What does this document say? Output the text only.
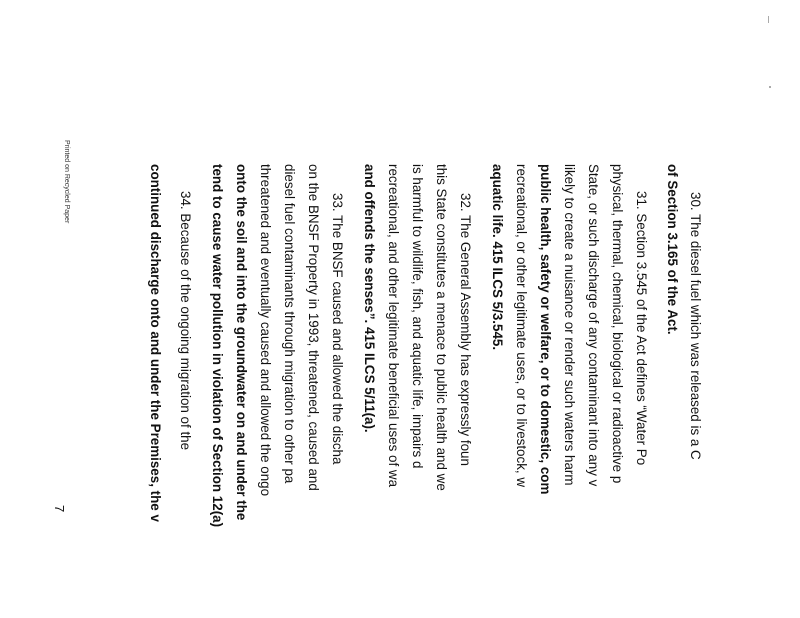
Printed on Recycled Paper
7
30. The diesel fuel which was released is a C
of Section 3.165 of the Act.
31. Section 3.545 of the Act defines “Water Po
physical, thermal, chemical, biological or radioactive p
State, or such discharge of any contaminant into any v
likely to create a nuisance or render such waters harm
public health, safety or welfare, or to domestic, com
recreational, or other legitimate uses, or to livestock, w
aquatic life. 415 ILCS 5/3.545.
32. The General Assembly has expressly foun
this State constitutes a menace to public health and we
is harmful to wildlife, fish, and aquatic life, impairs d
recreational, and other legitimate beneficial uses of wa
and offends the senses”. 415 ILCS 5/11(a).
33. The BNSF caused and allowed the discha
on the BNSF Property in 1993, threatened, caused and
diesel fuel contaminants through migration to other pa
threatened and eventually caused and allowed the ongo
onto the soil and into the groundwater on and under the
tend to cause water pollution in violation of Section 12(a)
34. Because of the ongoing migration of the
continued discharge onto and under the Premises, the v
